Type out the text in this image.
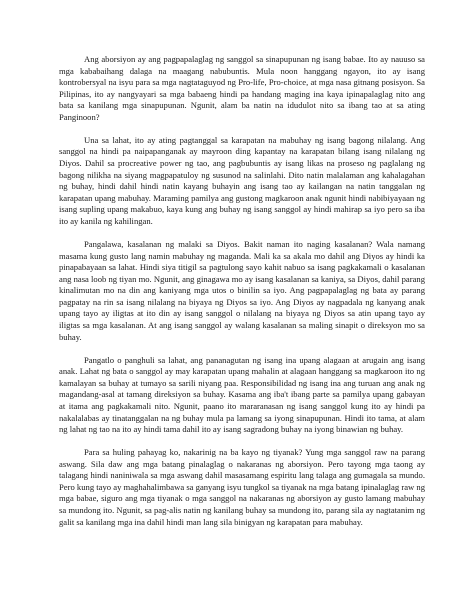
Ang aborsiyon ay ang pagpapalaglag ng sanggol sa sinapupunan ng isang babae. Ito ay nauuso sa mga kababaihang dalaga na maagang nabubuntis. Mula noon hanggang ngayon, ito ay isang kontrobersyal na isyu para sa mga nagtataguyod ng Pro-life, Pro-choice, at mga nasa gitnang posisyon. Sa Pilipinas, ito ay nangyayari sa mga babaeng hindi pa handang maging ina kaya ipinapalaglag nito ang bata sa kanilang mga sinapupunan. Ngunit, alam ba natin na idudulot nito sa ibang tao at sa ating Panginoon?

Una sa lahat, ito ay ating pagtanggal sa karapatan na mabuhay ng isang bagong nilalang. Ang sanggol na hindi pa naipapanganak ay mayroon ding kapantay na karapatan bilang isang nilalang ng Diyos. Dahil sa procreative power ng tao, ang pagbubuntis ay isang likas na proseso ng paglalang ng bagong nilikha na siyang magpapatuloy ng susunod na salinlahi. Dito natin malalaman ang kahalagahan ng buhay, hindi dahil hindi natin kayang buhayin ang isang tao ay kailangan na natin tanggalan ng karapatan upang mabuhay. Maraming pamilya ang gustong magkaroon anak ngunit hindi nabibiyayaan ng isang supling upang makabuo, kaya kung ang buhay ng isang sanggol ay hindi mahirap sa iyo pero sa iba ito ay kanila ng kahilingan.

Pangalawa, kasalanan ng malaki sa Diyos. Bakit naman ito naging kasalanan? Wala namang masama kung gusto lang namin mabuhay ng maganda. Mali ka sa akala mo dahil ang Diyos ay hindi ka pinapabayaan sa lahat. Hindi siya titigil sa pagtulong sayo kahit nabuo sa isang pagkakamali o kasalanan ang nasa loob ng tiyan mo. Ngunit, ang ginagawa mo ay isang kasalanan sa kaniya, sa Diyos, dahil parang kinalimutan mo na din ang kaniyang mga utos o binilin sa iyo. Ang pagpapalaglag ng bata ay parang pagpatay na rin sa isang nilalang na biyaya ng Diyos sa iyo. Ang Diyos ay nagpadala ng kanyang anak upang tayo ay iligtas at ito din ay isang sanggol o nilalang na biyaya ng Diyos sa atin upang tayo ay iligtas sa mga kasalanan. At ang isang sanggol ay walang kasalanan sa maling sinapit o direksyon mo sa buhay.

Pangatlo o panghuli sa lahat, ang pananagutan ng isang ina upang alagaan at arugain ang isang anak. Lahat ng bata o sanggol ay may karapatan upang mahalin at alagaan hanggang sa magkaroon ito ng kamalayan sa buhay at tumayo sa sarili niyang paa. Responsibilidad ng isang ina ang turuan ang anak ng magandang-asal at tamang direksiyon sa buhay. Kasama ang iba't ibang parte sa pamilya upang gabayan at itama ang pagkakamali nito. Ngunit, paano ito mararanasan ng isang sanggol kung ito ay hindi pa nakalalabas ay tinatanggalan na ng buhay mula pa lamang sa iyong sinapupunan. Hindi ito tama, at alam ng lahat ng tao na ito ay hindi tama dahil ito ay isang sagradong buhay na iyong binawian ng buhay.

Para sa huling pahayag ko, nakarinig na ba kayo ng tiyanak? Yung mga sanggol raw na parang aswang. Sila daw ang mga batang pinalaglag o nakaranas ng aborsiyon. Pero tayong mga taong ay talagang hindi naniniwala sa mga aswang dahil masasamang espiritu lang talaga ang gumagala sa mundo. Pero kung tayo ay maghahalimbawa sa ganyang isyu tungkol sa tiyanak na mga batang ipinalaglag raw ng mga babae, siguro ang mga tiyanak o mga sanggol na nakaranas ng aborsiyon ay gusto lamang mabuhay sa mundong ito. Ngunit, sa pag-alis natin ng kanilang buhay sa mundong ito, parang sila ay nagtatanim ng galit sa kanilang mga ina dahil hindi man lang sila binigyan ng karapatan para mabuhay.
